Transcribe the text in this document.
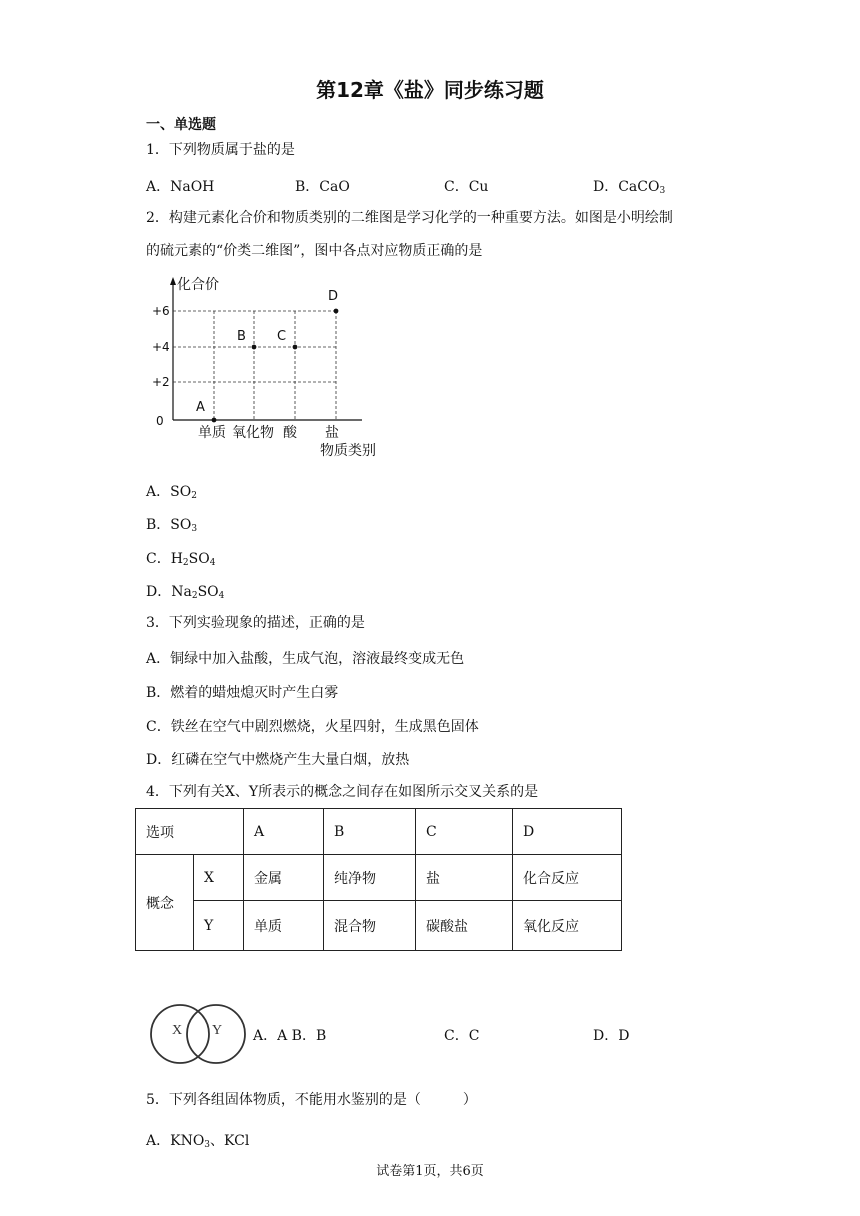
第12章《盐》同步练习题
一、单选题
1．下列物质属于盐的是
A．NaOH	B．CaO	C．Cu	D．CaCO$_3$
2．构建元素化合价和物质类别的二维图是学习化学的一种重要方法。如图是小明绘制
的硫元素的“价类二维图”，图中各点对应物质正确的是
化合价
+6
+4
+2
0
A
B C
D
单质 氧化物 酸 盐
物质类别
A．$SO_2$
B．$SO_3$
C．$H_2SO_4$
D．$Na_2SO_4$
3．下列实验现象的描述，正确的是
A．铜绿中加入盐酸，生成气泡，溶液最终变成无色
B．燃着的蜡烛熄灭时产生白雾
C．铁丝在空气中剧烈燃烧，火星四射，生成黑色固体
D．红磷在空气中燃烧产生大量白烟，放热
4．下列有关X、Y所表示的概念之间存在如图所示交叉关系的是
选项		A	B	C	D
概念	X	金属	纯净物	盐	化合反应
	Y	单质	混合物	碳酸盐	氧化反应
X Y A．A B．B	C．C	D．D
5．下列各组固体物质，不能用水鉴别的是（　　　）
A．$KNO_3$、KCl
试卷第1页，共6页
